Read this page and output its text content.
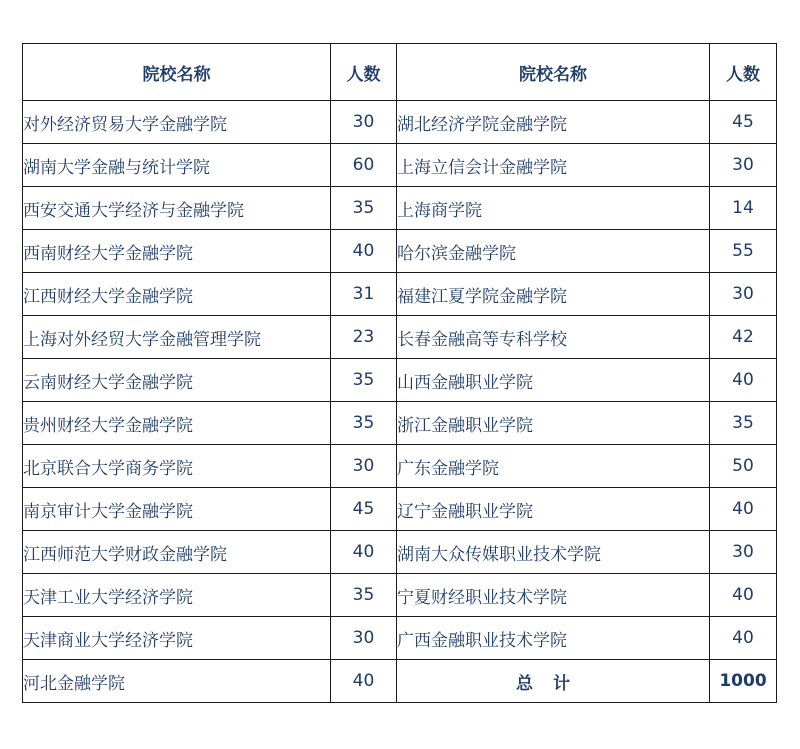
院校名称	人数	院校名称	人数
对外经济贸易大学金融学院	30	湖北经济学院金融学院	45
湖南大学金融与统计学院	60	上海立信会计金融学院	30
西安交通大学经济与金融学院	35	上海商学院	14
西南财经大学金融学院	40	哈尔滨金融学院	55
江西财经大学金融学院	31	福建江夏学院金融学院	30
上海对外经贸大学金融管理学院	23	长春金融高等专科学校	42
云南财经大学金融学院	35	山西金融职业学院	40
贵州财经大学金融学院	35	浙江金融职业学院	35
北京联合大学商务学院	30	广东金融学院	50
南京审计大学金融学院	45	辽宁金融职业学院	40
江西师范大学财政金融学院	40	湖南大众传媒职业技术学院	30
天津工业大学经济学院	35	宁夏财经职业技术学院	40
天津商业大学经济学院	30	广西金融职业技术学院	40
河北金融学院	40	总计	1000
